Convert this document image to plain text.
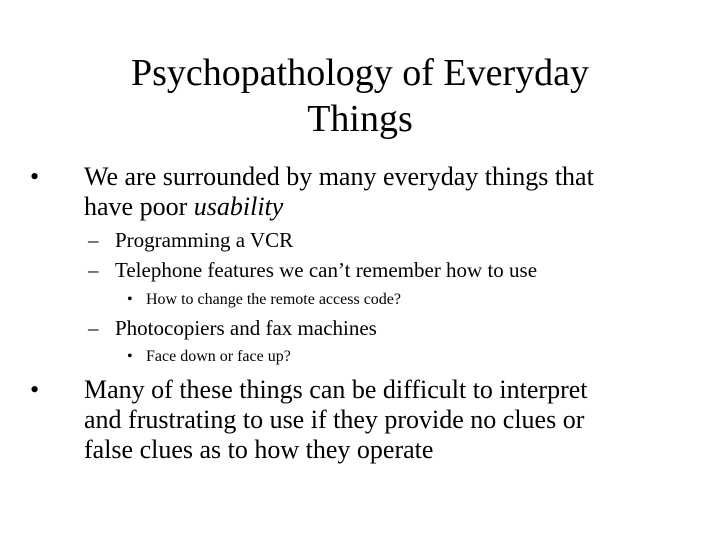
Psychopathology of Everyday
Things
•	We are surrounded by many everyday things that
have poor usability
– Programming a VCR
– Telephone features we can’t remember how to use
• How to change the remote access code?
– Photocopiers and fax machines
• Face down or face up?
•	Many of these things can be difficult to interpret
and frustrating to use if they provide no clues or
false clues as to how they operate
